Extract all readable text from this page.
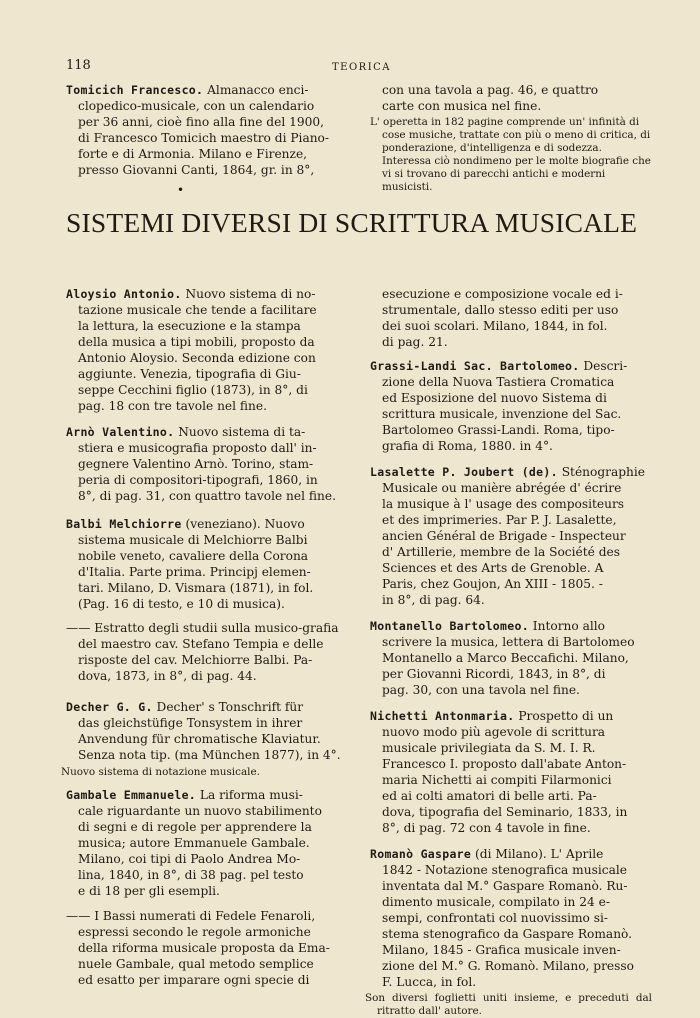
118	TEORICA

Tomicich Francesco. Almanacco enci-

clopedico-musicale, con un calendario
per 36 anni, cioè fino alla fine del 1900,
di Francesco Tomicich maestro di Piano-
forte e di Armonia. Milano e Firenze,
presso Giovanni Canti, 1864, gr. in 8°,
con una tavola a pag. 46, e quattro
carte con musica nel fine.

L' operetta in 182 pagine comprende un' infinità di cose musiche, trattate con più o meno di critica, di ponderazione, d'intelligenza e di sodezza. Interessa ciò nondimeno per le molte biografie che vi si trovano di parecchi antichi e moderni musicisti.

•
SISTEMI DIVERSI DI SCRITTURA MUSICALE

Aloysio Antonio. Nuovo sistema di no-

tazione musicale che tende a facilitare
la lettura, la esecuzione e la stampa
della musica a tipi mobili, proposto da
Antonio Aloysio. Seconda edizione con
aggiunte. Venezia, tipografia di Giu-
seppe Cecchini figlio (1873), in 8°, di
pag. 18 con tre tavole nel fine.

Arnò Valentino. Nuovo sistema di ta-

stiera e musicografia proposto dall' in-
gegnere Valentino Arnò. Torino, stam-
peria di compositori-tipografi, 1860, in
8°, di pag. 31, con quattro tavole nel fine.

Balbi Melchiorre (veneziano). Nuovo

sistema musicale di Melchiorre Balbi
nobile veneto, cavaliere della Corona
d'Italia. Parte prima. Principj elemen-
tari. Milano, D. Vismara (1871), in fol.
(Pag. 16 di testo, e 10 di musica).
—— Estratto degli studii sulla musico-grafia
del maestro cav. Stefano Tempia e delle
risposte del cav. Melchiorre Balbi. Pa-
dova, 1873, in 8°, di pag. 44.

Decher G. G. Decher' s Tonschrift für

das gleichstüfige Tonsystem in ihrer
Anvendung für chromatische Klaviatur.
Senza nota tip. (ma München 1877), in 4°.

Nuovo sistema di notazione musicale.

Gambale Emmanuele. La riforma musi-

cale riguardante un nuovo stabilimento
di segni e di regole per apprendere la
musica; autore Emmanuele Gambale.
Milano, coi tipi di Paolo Andrea Mo-
lina, 1840, in 8°, di 38 pag. pel testo
e di 18 per gli esempli.
—— I Bassi numerati di Fedele Fenaroli,
espressi secondo le regole armoniche
della riforma musicale proposta da Ema-
nuele Gambale, qual metodo semplice
ed esatto per imparare ogni specie di
esecuzione e composizione vocale ed i-
strumentale, dallo stesso editi per uso
dei suoi scolari. Milano, 1844, in fol.
di pag. 21.

Grassi-Landi Sac. Bartolomeo. Descri-

zione della Nuova Tastiera Cromatica
ed Esposizione del nuovo Sistema di
scrittura musicale, invenzione del Sac.
Bartolomeo Grassi-Landi. Roma, tipo-
grafia di Roma, 1880. in 4°.

Lasalette P. Joubert (de). Sténographie

Musicale ou manière abrégée d' écrire
la musique à l' usage des compositeurs
et des imprimeries. Par P. J. Lasalette,
ancien Général de Brigade - Inspecteur
d' Artillerie, membre de la Société des
Sciences et des Arts de Grenoble. A
Paris, chez Goujon, An XIII - 1805. -
in 8°, di pag. 64.

Montanello Bartolomeo. Intorno allo

scrivere la musica, lettera di Bartolomeo
Montanello a Marco Beccafichi. Milano,
per Giovanni Ricordi, 1843, in 8°, di
pag. 30, con una tavola nel fine.

Nichetti Antonmaria. Prospetto di un

nuovo modo più agevole di scrittura
musicale privilegiata da S. M. I. R.
Francesco I. proposto dall'abate Anton-
maria Nichetti ai compiti Filarmonici
ed ai colti amatori di belle arti. Pa-
dova, tipografia del Seminario, 1833, in
8°, di pag. 72 con 4 tavole in fine.

Romanò Gaspare (di Milano). L' Aprile

1842 - Notazione stenografica musicale
inventata dal M.° Gaspare Romanò. Ru-
dimento musicale, compilato in 24 e-
sempi, confrontati col nuovissimo si-
stema stenografico da Gaspare Romanò.
Milano, 1845 - Grafica musicale inven-
zione del M.° G. Romanò. Milano, presso
F. Lucca, in fol.

Son diversi foglietti uniti insieme, e preceduti dal ritratto dall' autore.
